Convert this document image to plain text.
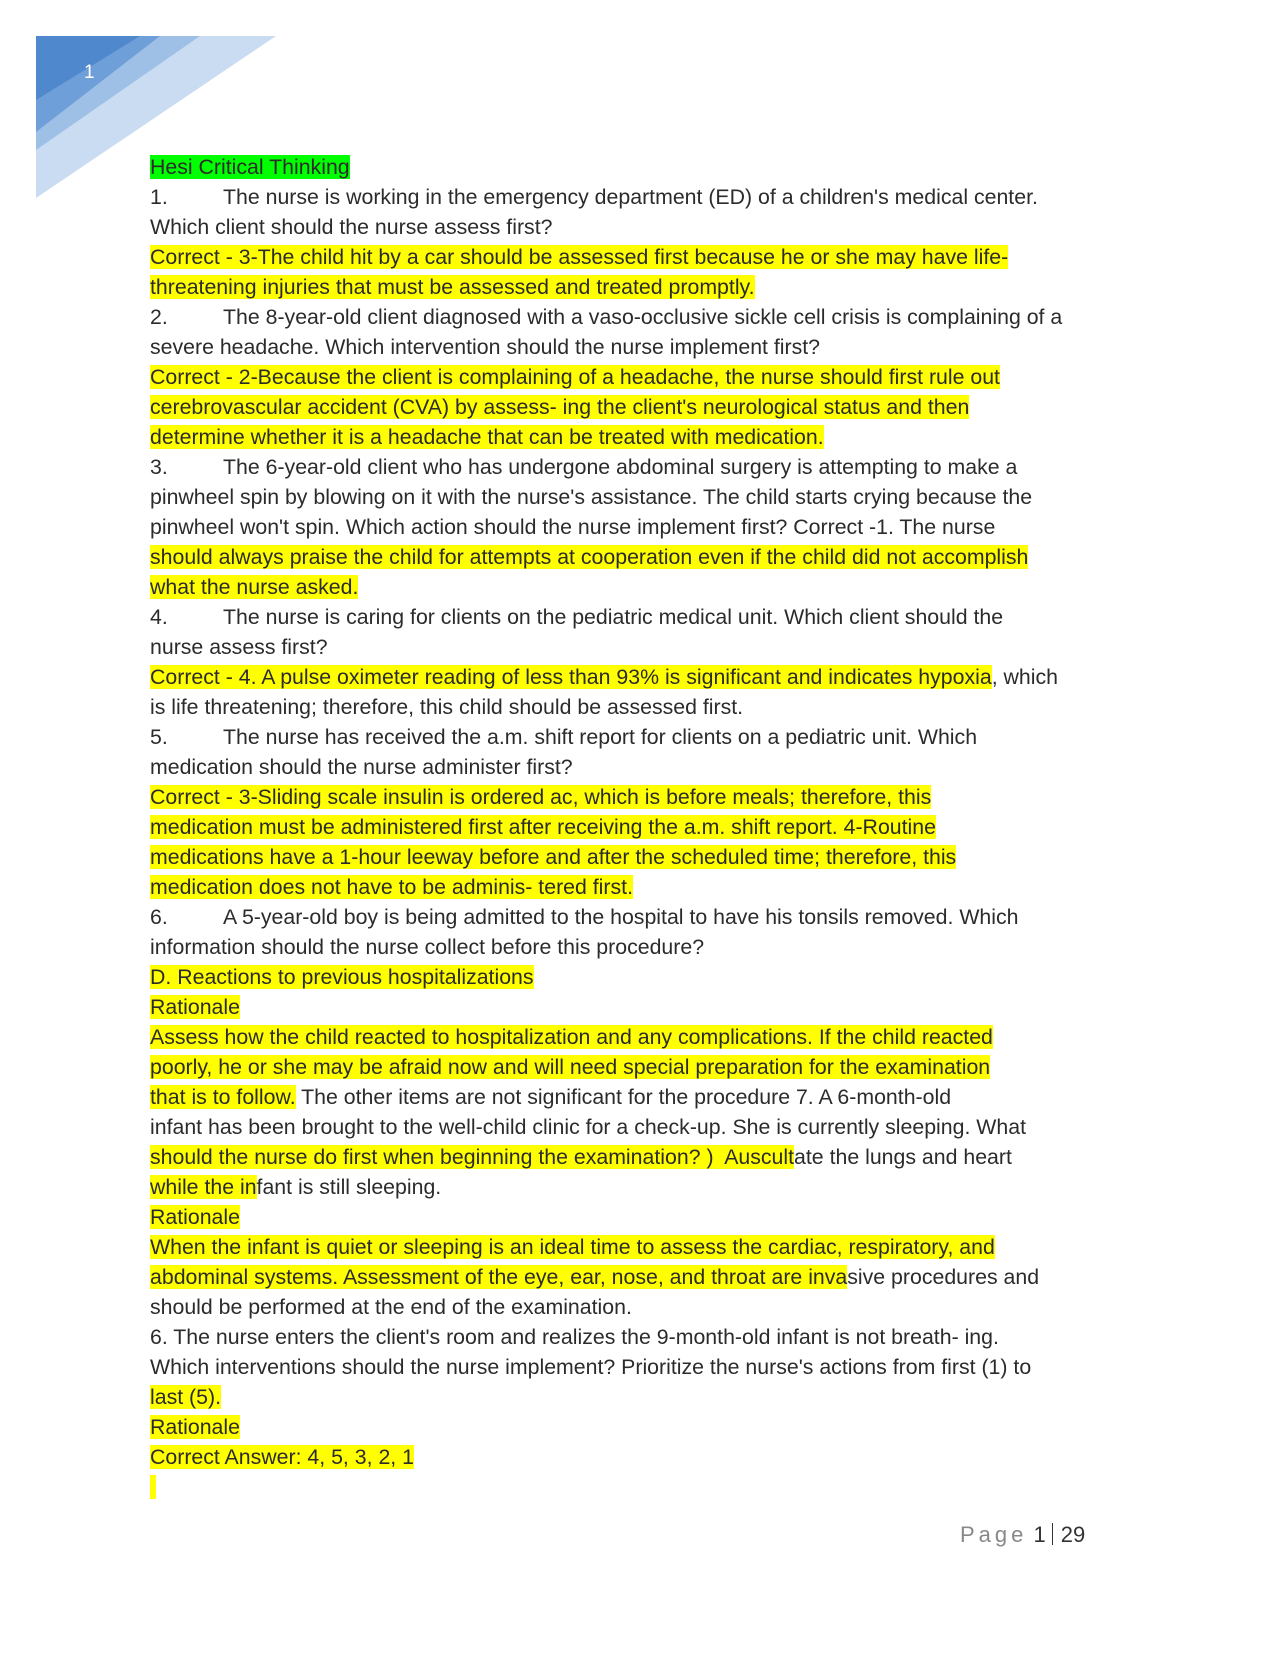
1
Hesi Critical Thinking
1.	The nurse is working in the emergency department (ED) of a children's medical center.
Which client should the nurse assess first?
Correct - 3-The child hit by a car should be assessed first because he or she may have life-
threatening injuries that must be assessed and treated promptly.
2.	The 8-year-old client diagnosed with a vaso-occlusive sickle cell crisis is complaining of a
severe headache. Which intervention should the nurse implement first?
Correct - 2-Because the client is complaining of a headache, the nurse should first rule out
cerebrovascular accident (CVA) by assess- ing the client's neurological status and then
determine whether it is a headache that can be treated with medication.
3.	The 6-year-old client who has undergone abdominal surgery is attempting to make a
pinwheel spin by blowing on it with the nurse's assistance. The child starts crying because the
pinwheel won't spin. Which action should the nurse implement first? Correct -1. The nurse
should always praise the child for attempts at cooperation even if the child did not accomplish
what the nurse asked.
4.	The nurse is caring for clients on the pediatric medical unit. Which client should the
nurse assess first?
Correct - 4. A pulse oximeter reading of less than 93% is significant and indicates hypoxia, which
is life threatening; therefore, this child should be assessed first.
5.	The nurse has received the a.m. shift report for clients on a pediatric unit. Which
medication should the nurse administer first?
Correct - 3-Sliding scale insulin is ordered ac, which is before meals; therefore, this
medication must be administered first after receiving the a.m. shift report. 4-Routine
medications have a 1-hour leeway before and after the scheduled time; therefore, this
medication does not have to be adminis- tered first.
6.	A 5-year-old boy is being admitted to the hospital to have his tonsils removed. Which
information should the nurse collect before this procedure?
D. Reactions to previous hospitalizations
Rationale
Assess how the child reacted to hospitalization and any complications. If the child reacted
poorly, he or she may be afraid now and will need special preparation for the examination
that is to follow. The other items are not significant for the procedure 7. A 6-month-old
infant has been brought to the well-child clinic for a check-up. She is currently sleeping. What
should the nurse do first when beginning the examination? )  Auscultate the lungs and heart
while the infant is still sleeping.
Rationale
When the infant is quiet or sleeping is an ideal time to assess the cardiac, respiratory, and
abdominal systems. Assessment of the eye, ear, nose, and throat are invasive procedures and
should be performed at the end of the examination.
6. The nurse enters the client's room and realizes the 9-month-old infant is not breath- ing.
Which interventions should the nurse implement? Prioritize the nurse's actions from first (1) to
last (5).
Rationale
Correct Answer: 4, 5, 3, 2, 1

Page 1 29
